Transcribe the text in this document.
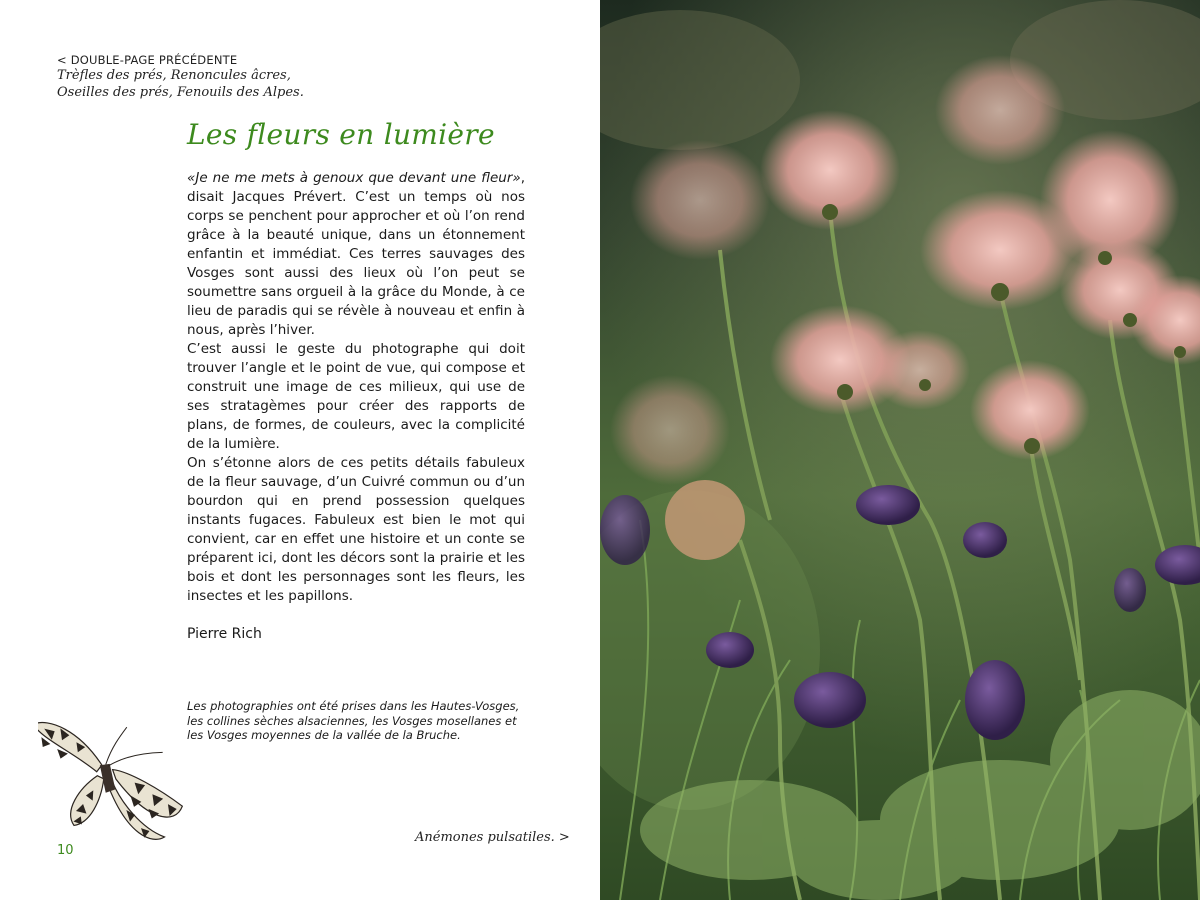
< DOUBLE-PAGE PRÉCÉDENTE
Trèfles des prés, Renoncules âcres,
Oseilles des prés, Fenouils des Alpes.
Les fleurs en lumière

«Je ne me mets à genoux que devant une fleur», disait Jacques Prévert. C’est un temps où nos corps se penchent pour approcher et où l’on rend grâce à la beauté unique, dans un étonnement enfantin et immédiat. Ces terres sauvages des Vosges sont aussi des lieux où l’on peut se soumettre sans orgueil à la grâce du Monde, à ce lieu de paradis qui se révèle à nouveau et enfin à nous, après l’hiver.

C’est aussi le geste du photographe qui doit trouver l’angle et le point de vue, qui compose et construit une image de ces milieux, qui use de ses stratagèmes pour créer des rapports de plans, de formes, de couleurs, avec la complicité de la lumière.

On s’étonne alors de ces petits détails fabuleux de la fleur sauvage, d’un Cuivré commun ou d’un bourdon qui en prend possession quelques instants fugaces. Fabuleux est bien le mot qui convient, car en effet une histoire et un conte se préparent ici, dont les décors sont la prairie et les bois et dont les personnages sont les fleurs, les insectes et les papillons.

Pierre Rich
Les photographies ont été prises dans les Hautes-Vosges,
les collines sèches alsaciennes, les Vosges mosellanes et
les Vosges moyennes de la vallée de la Bruche.
10
Anémones pulsatiles. >
